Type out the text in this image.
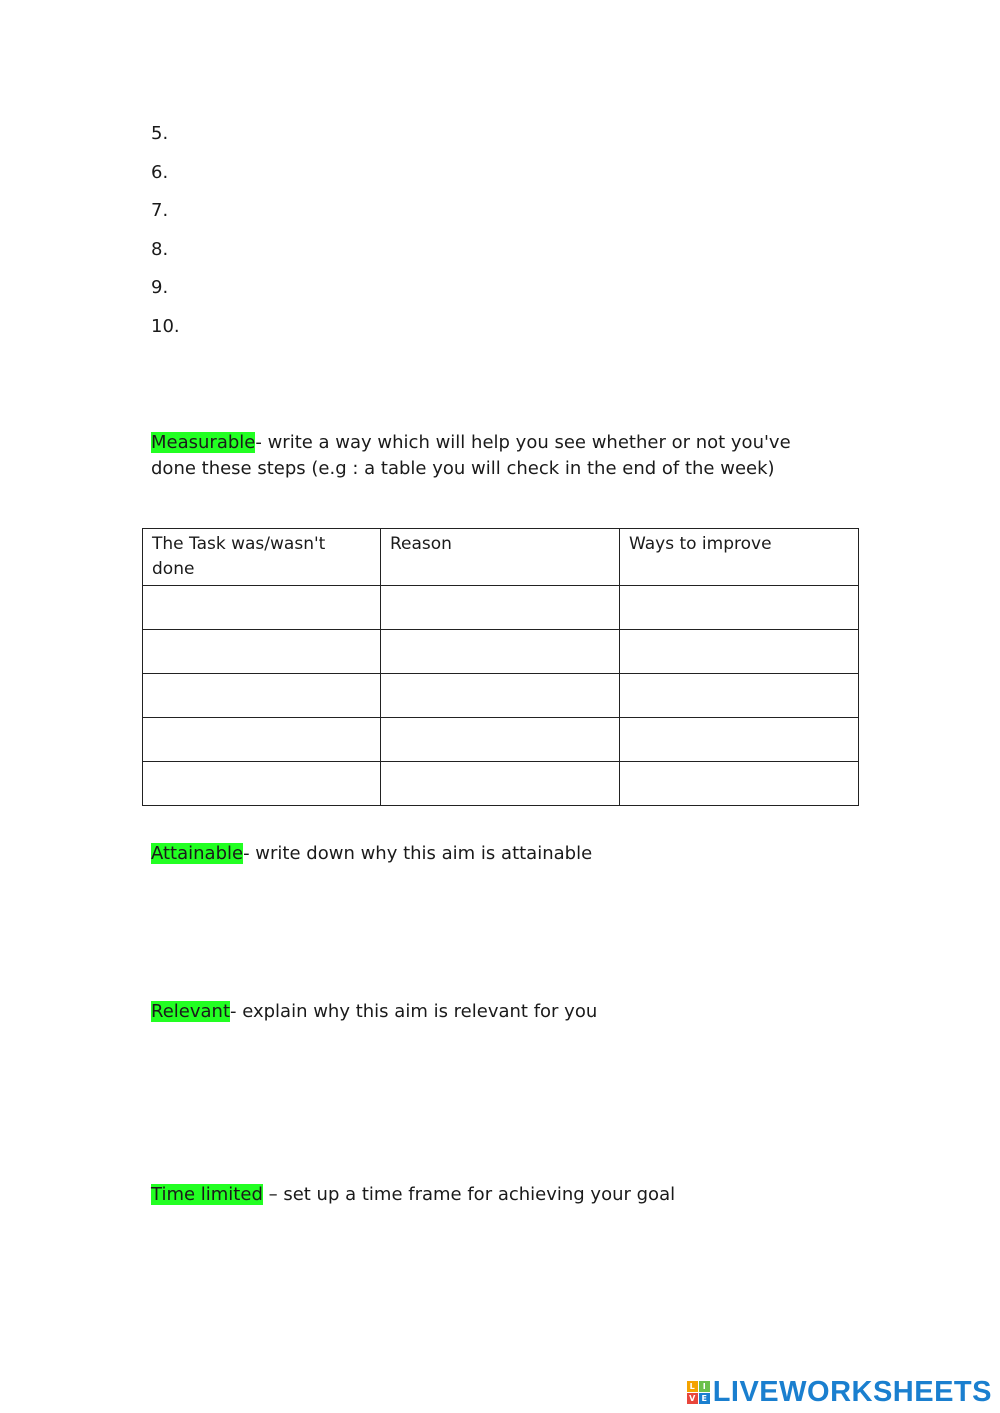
5.
6.
7.
8.
9.
10.
Measurable- write a way which will help you see whether or not you've done these steps (e.g : a table you will check in the end of the week)
The Task was/wasn't done	Reason	Ways to improve

Attainable- write down why this aim is attainable
Relevant- explain why this aim is relevant for you
Time limited – set up a time frame for achieving your goal
L I
V E LIVEWORKSHEETS
